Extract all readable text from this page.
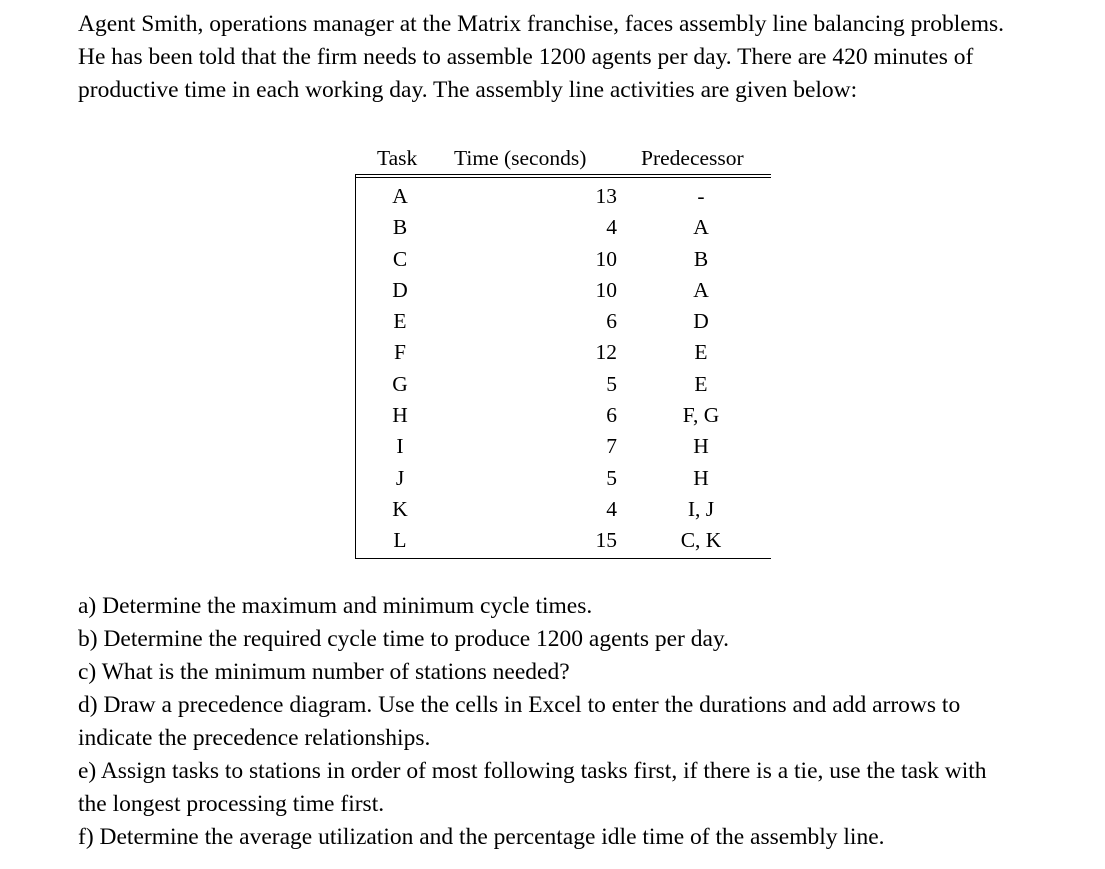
Agent Smith, operations manager at the Matrix franchise, faces assembly line balancing problems.
He has been told that the firm needs to assemble 1200 agents per day. There are 420 minutes of
productive time in each working day. The assembly line activities are given below:

Task Time (seconds)	Predecessor
A	13	-
B	4	A
C	10	B
D	10	A
E	6	D
F	12	E
G	5	E
H	6	F, G
I	7	H
J	5	H
K	4	I, J
L	15	C, K

a) Determine the maximum and minimum cycle times.
b) Determine the required cycle time to produce 1200 agents per day.
c) What is the minimum number of stations needed?
d) Draw a precedence diagram. Use the cells in Excel to enter the durations and add arrows to
indicate the precedence relationships.
e) Assign tasks to stations in order of most following tasks first, if there is a tie, use the task with
the longest processing time first.
f) Determine the average utilization and the percentage idle time of the assembly line.
